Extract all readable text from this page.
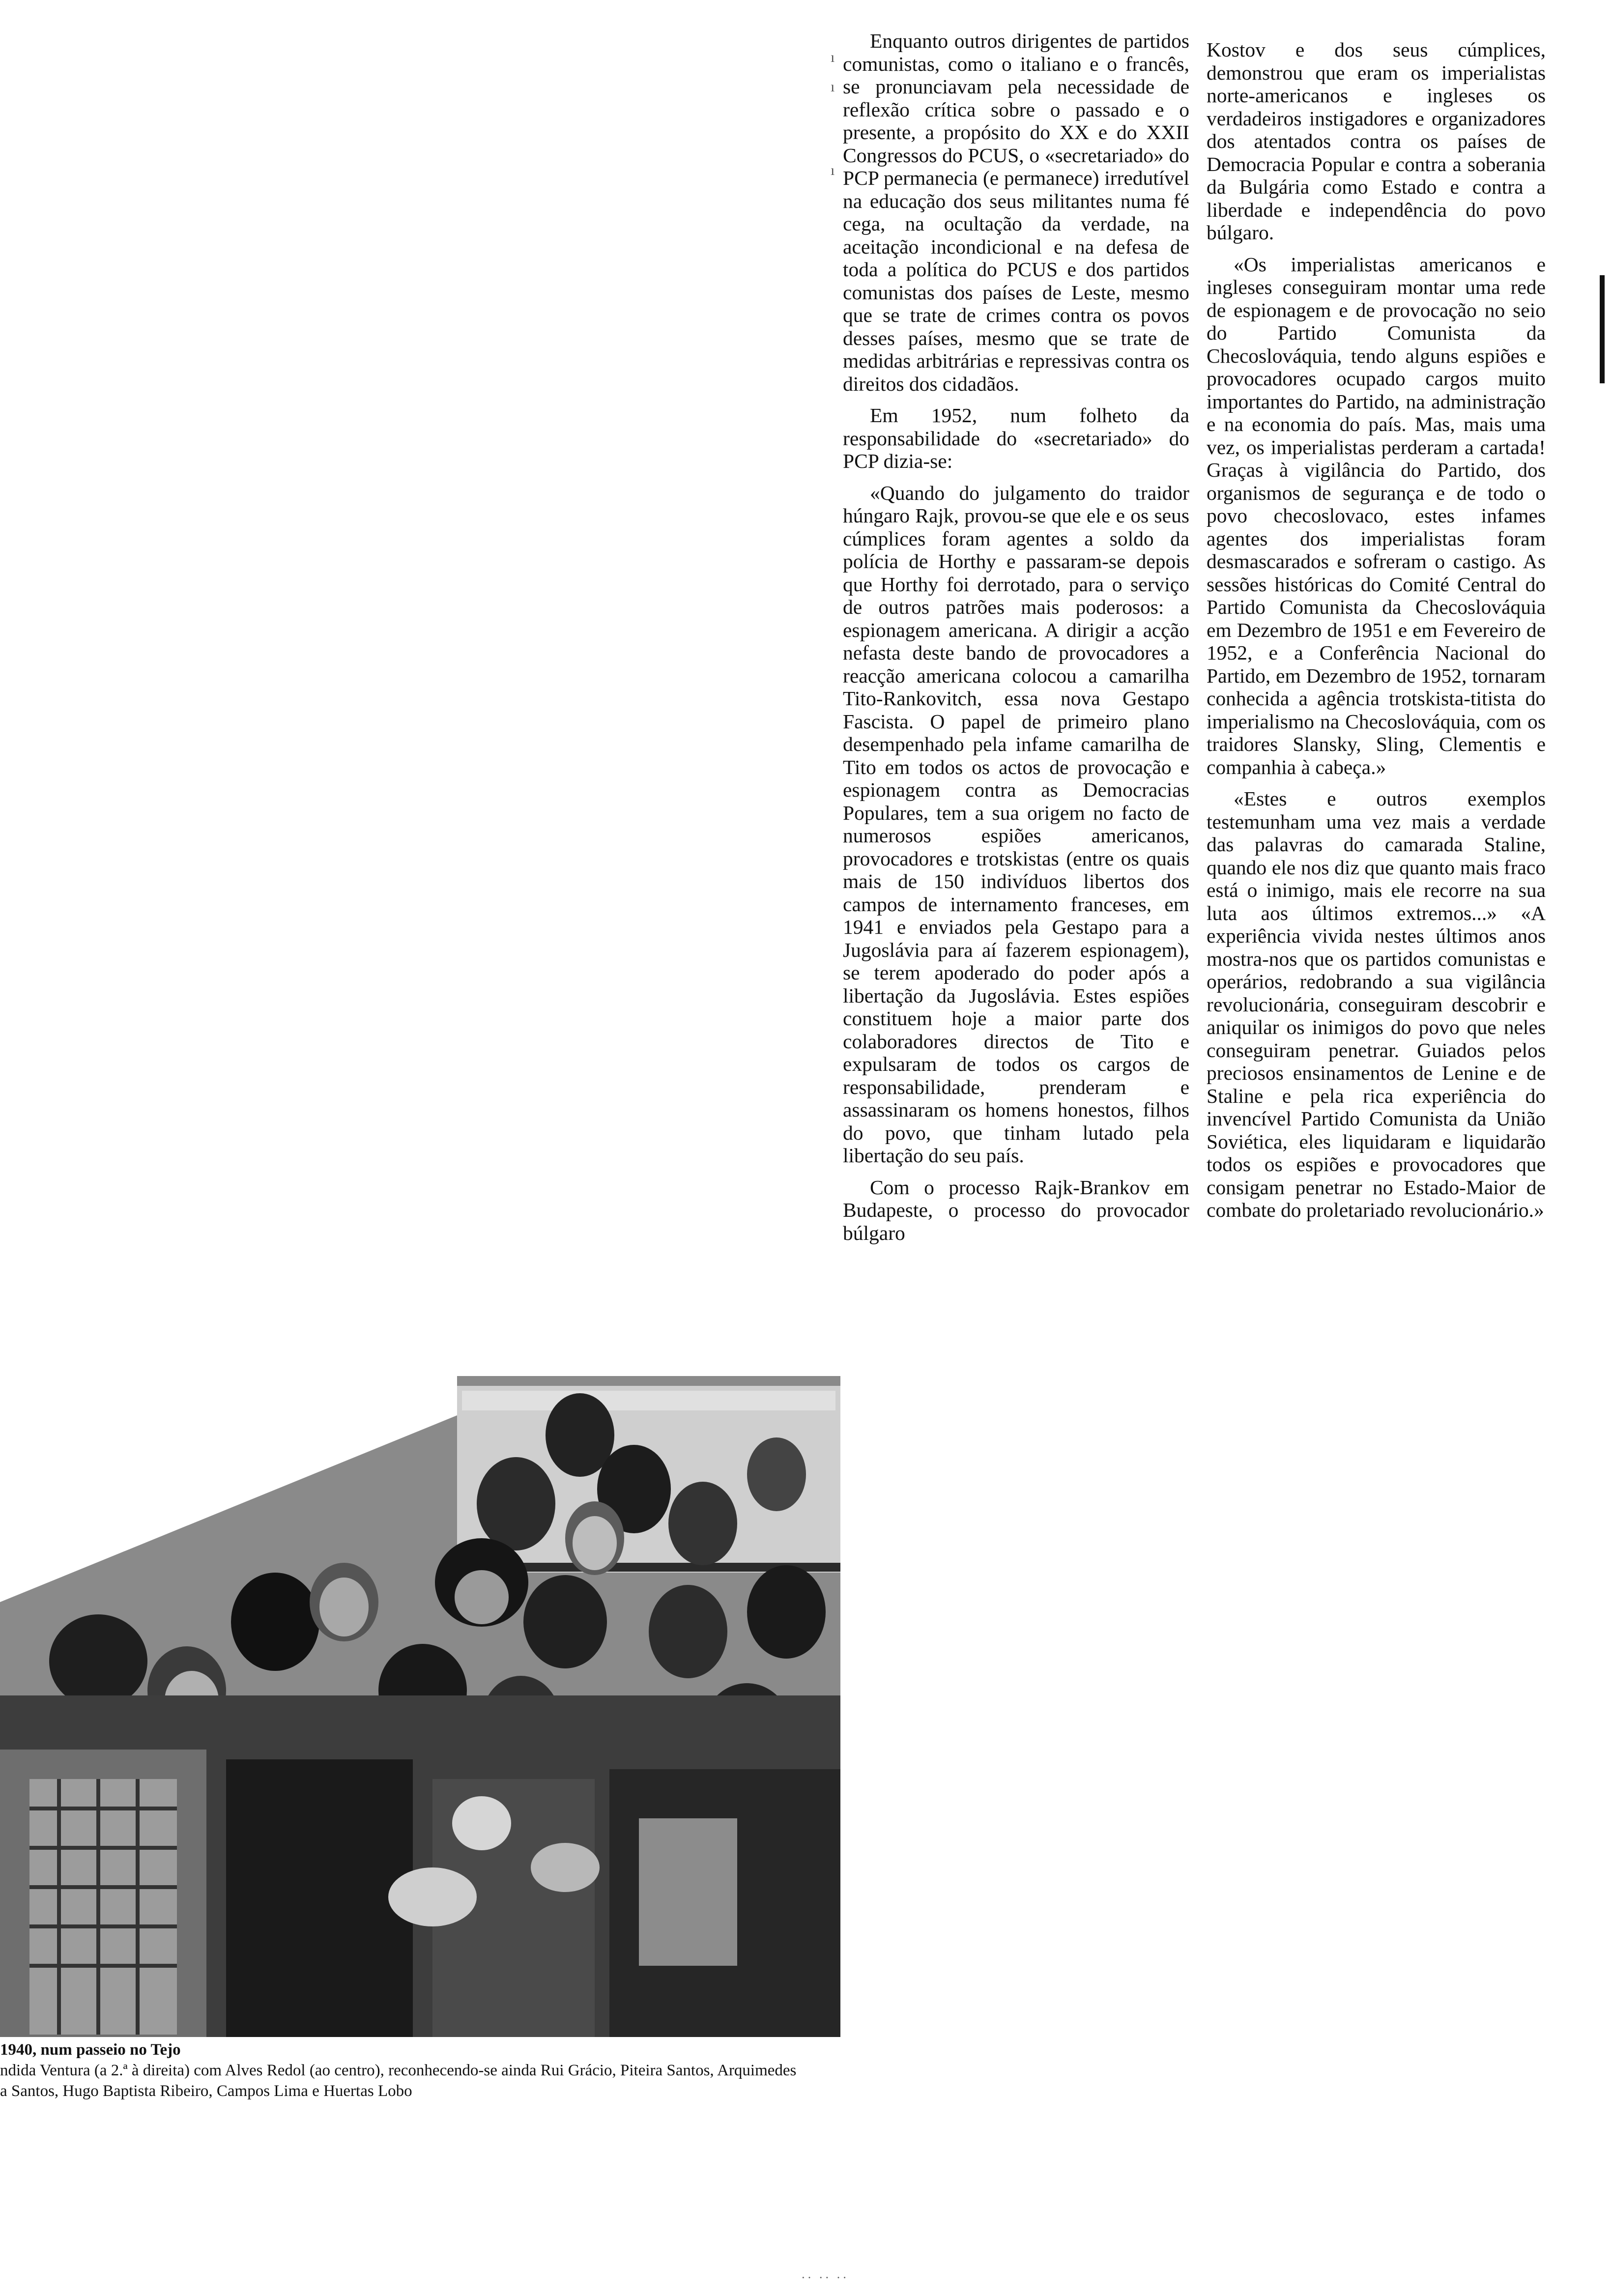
Enquanto outros dirigentes de partidos comunistas, como o italiano e o francês, se pronunciavam pela necessidade de reflexão crítica sobre o passado e o presente, a propósito do XX e do XXII Congressos do PCUS, o «secretariado» do PCP permanecia (e permanece) irredutível na educação dos seus militantes numa fé cega, na ocultação da verdade, na aceitação incondicional e na defesa de toda a política do PCUS e dos partidos comunistas dos países de Leste, mesmo que se trate de crimes contra os povos desses países, mesmo que se trate de medidas arbitrárias e repressivas contra os direitos dos cidadãos.

Em 1952, num folheto da responsabilidade do «secretariado» do PCP dizia-se:

«Quando do julgamento do traidor húngaro Rajk, provou-se que ele e os seus cúmplices foram agentes a soldo da polícia de Horthy e passaram-se depois que Horthy foi derrotado, para o serviço de outros patrões mais poderosos: a espionagem americana. A dirigir a acção nefasta deste bando de provocadores a reacção americana colocou a camarilha Tito-Rankovitch, essa nova Gestapo Fascista. O papel de primeiro plano desempenhado pela infame camarilha de Tito em todos os actos de provocação e espionagem contra as Democracias Populares, tem a sua origem no facto de numerosos espiões americanos, provocadores e trotskistas (entre os quais mais de 150 indivíduos libertos dos campos de internamento franceses, em 1941 e enviados pela Gestapo para a Jugoslávia para aí fazerem espionagem), se terem apoderado do poder após a libertação da Jugoslávia. Estes espiões constituem hoje a maior parte dos colaboradores directos de Tito e expulsaram de todos os cargos de responsabilidade, prenderam e assassinaram os homens honestos, filhos do povo, que tinham lutado pela libertação do seu país.

Com o processo Rajk-Brankov em Budapeste, o processo do provocador búlgaro

Kostov e dos seus cúmplices, demonstrou que eram os imperialistas norte-americanos e ingleses os verdadeiros instigadores e organizadores dos atentados contra os países de Democracia Popular e contra a soberania da Bulgária como Estado e contra a liberdade e independência do povo búlgaro.

«Os imperialistas americanos e ingleses conseguiram montar uma rede de espionagem e de provocação no seio do Partido Comunista da Checoslováquia, tendo alguns espiões e provocadores ocupado cargos muito importantes do Partido, na administração e na economia do país. Mas, mais uma vez, os imperialistas perderam a cartada! Graças à vigilância do Partido, dos organismos de segurança e de todo o povo checoslovaco, estes infames agentes dos imperialistas foram desmascarados e sofreram o castigo. As sessões históricas do Comité Central do Partido Comunista da Checoslováquia em Dezembro de 1951 e em Fevereiro de 1952, e a Conferência Nacional do Partido, em Dezembro de 1952, tornaram conhecida a agência trotskista-titista do imperialismo na Checoslováquia, com os traidores Slansky, Sling, Clementis e companhia à cabeça.»

«Estes e outros exemplos testemunham uma vez mais a verdade das palavras do camarada Staline, quando ele nos diz que quanto mais fraco está o inimigo, mais ele recorre na sua luta aos últimos extremos...» «A experiência vivida nestes últimos anos mostra-nos que os partidos comunistas e operários, redobrando a sua vigilância revolucionária, conseguiram descobrir e aniquilar os inimigos do povo que neles conseguiram penetrar. Guiados pelos preciosos ensinamentos de Lenine e de Staline e pela rica experiência do invencível Partido Comunista da União Soviética, eles liquidaram e liquidarão todos os espiões e provocadores que consigam penetrar no Estado-Maior de combate do proletariado revolucionário.»

ı
ı
ı
1940, num passeio no Tejo
ndida Ventura (a 2.ª à direita) com Alves Redol (ao centro), reconhecendo-se ainda Rui Grácio, Piteira Santos, Arquimedes
a Santos, Hugo Baptista Ribeiro, Campos Lima e Huertas Lobo
·· ·· ··
